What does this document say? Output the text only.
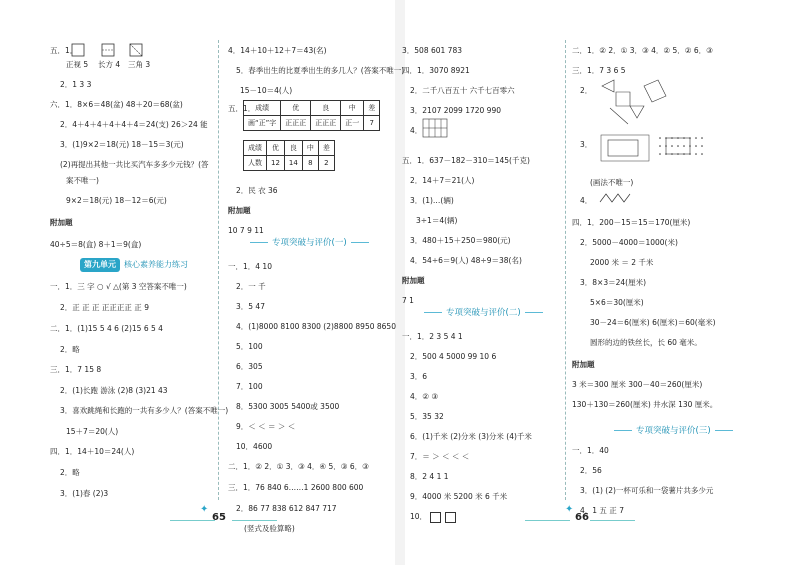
五．1．
正视 5 长方 4 三角 3
2．1 3 3
六．1．8×6＝48(盆) 48＋20＝68(盆)
2．4＋4＋4＋4＋4＋4＝24(支) 26＞24 能
3．(1)9×2＝18(元) 18－15＝3(元)
(2)再提出其他一共比买汽车多多少元钱？(答
案不唯一)
9×2＝18(元) 18－12＝6(元)
附加题
40÷5＝8(盒) 8＋1＝9(盒)
一．1．三 字 ○ √ △(第 3 空答案不唯一)
2．正 正 正 正正正正 正 9
二．1．(1)15 5 4 6 (2)15 6 5 4
2．略
三．1．7 15 8
2．(1)长跑 游泳 (2)8 (3)21 43
3．喜欢跳绳和长跑的一共有多少人？(答案不唯一)
15＋7＝20(人)
四．1．14＋10＝24(人)
2．略
3．(1)春 (2)3
4．14＋10＋12＋7＝43(名)
5．春季出生的比夏季出生的多几人？(答案不唯一)
15－10＝4(人)
五．1．
2．民 衣 36
附加题
10 7 9 11
一．1．4 10
2．一 千
3．5 47
4．(1)8000 8100 8300 (2)8800 8950 8650
5．100
6．305
7．100
8．5300 3005 5400或 3500
9．＜ ＜ ＝ ＞ ＜
10．4600
二．1．② 2．① 3．③ 4．④ 5．③ 6．③
三．1．76 840 6……1 2600 800 600
2．86 77 838 612 847 717
(竖式及验算略)
3．508 601 783
四．1．3070 8921
2．二千八百五十 六千七百零六
3．2107 2099 1720 990
4．
五．1．637－182－310＝145(千克)
2．14＋7＝21(人)
3．(1)…(辆)
3÷1＝4(辆)
3．480＋15＋250＝980(元)
4．54÷6＝9(人) 48÷9＝38(名)
附加题
7 1
一．1．2 3 5 4 1
2．500 4 5000 99 10 6
3．6
4．② ③
5．35 32
6．(1)千米 (2)分米 (3)分米 (4)千米
7．＝ ＞ ＜ ＜ ＜
8．2 4 1 1
9．4000 米 5200 米 6 千米
10．
二．1．② 2．① 3．③ 4．② 5．② 6．③
三．1．7 3 6 5
2．
3．
(画法不唯一)
4．
四．1．200－15＝15＝170(厘米)
2．5000－4000＝1000(米)
2000 米 ＝ 2 千米
3．8×3＝24(厘米)
5×6＝30(厘米)
30－24＝6(厘米) 6(厘米)＝60(毫米)
圆形的边的铁丝长，长 60 毫米。
附加题
3 米＝300 厘米 300－40＝260(厘米)
130＋130＝260(厘米) 井水深 130 厘米。
一．1．40
2．56
3．(1) (2)一杯可乐和一袋薯片共多少元
4．1 五 正 7
第九单元 核心素养能力练习
成绩	优	良	中	差
画“正”字	正正正	正正正	正一	7
成绩	优	良	中	差
人数	12	14	8	2
专项突破与评价(一)
专项突破与评价(二)
专项突破与评价(三)
✦
65
✦
66
